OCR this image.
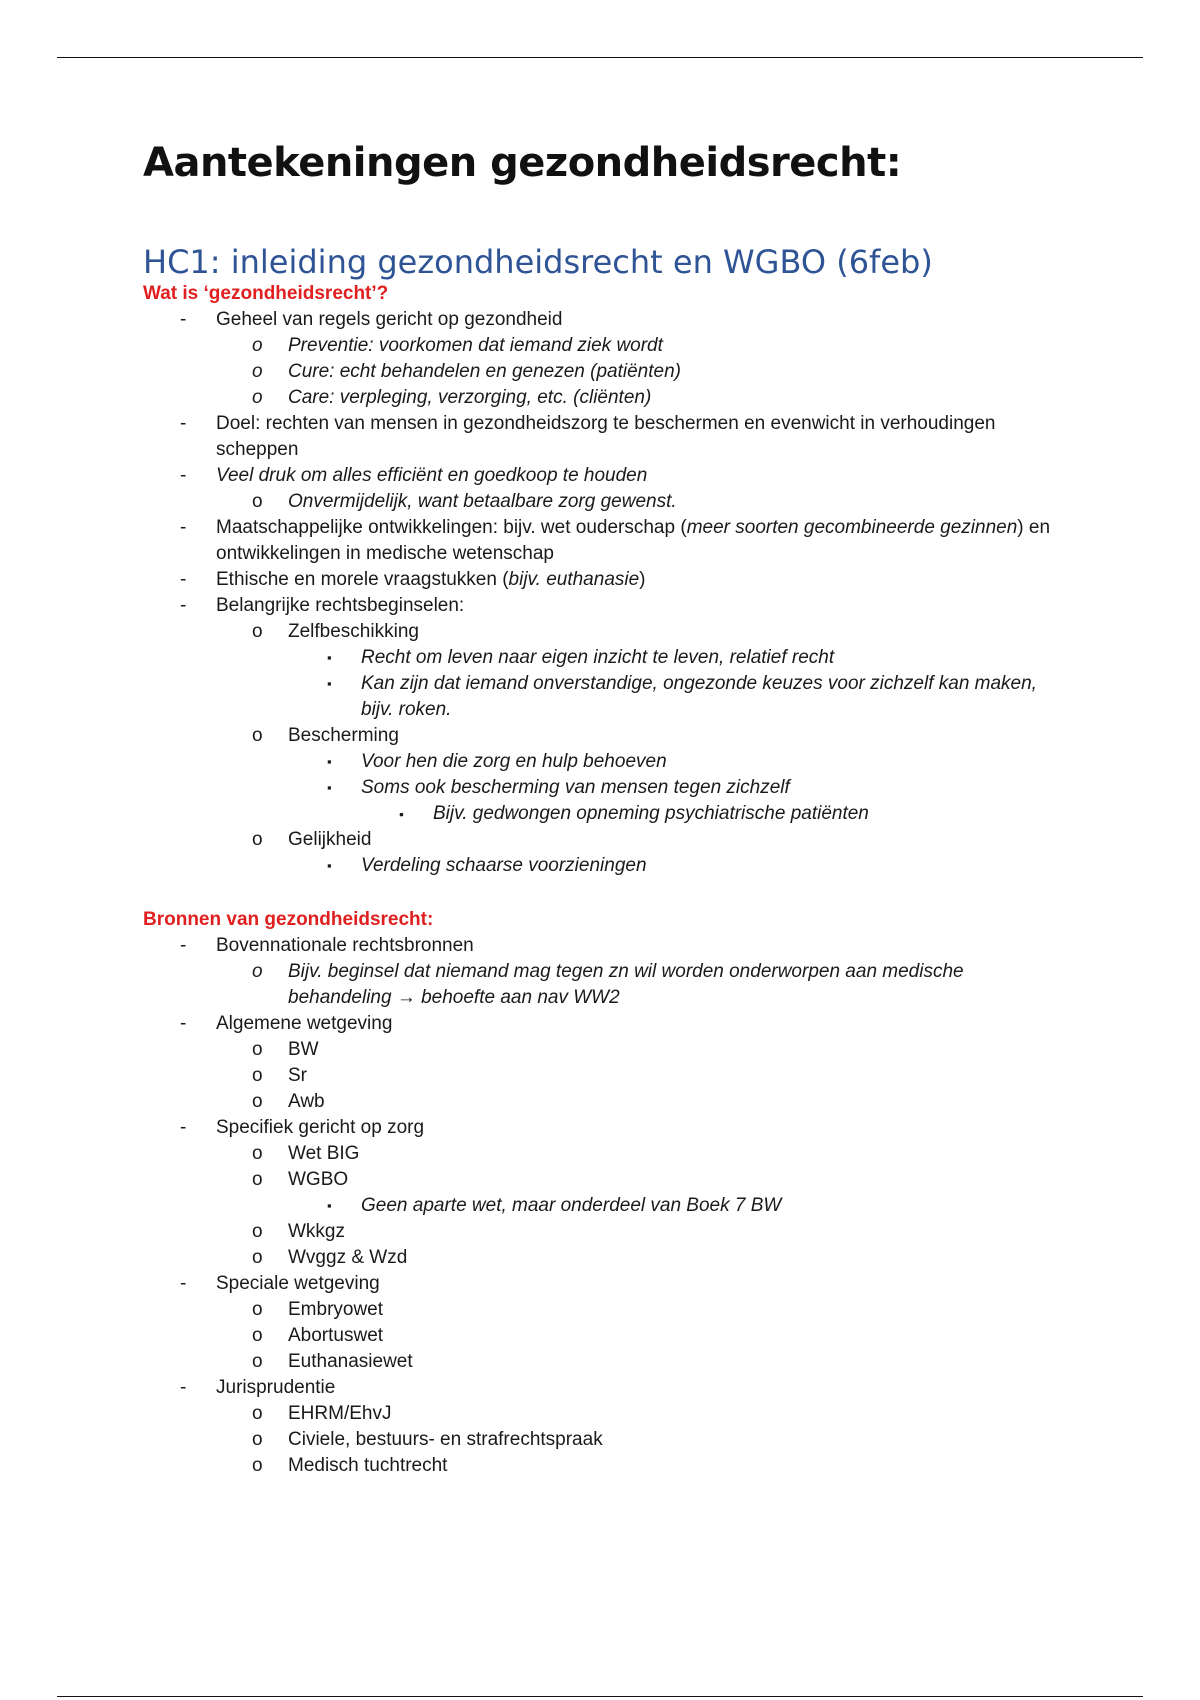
Aantekeningen gezondheidsrecht:
HC1: inleiding gezondheidsrecht en WGBO (6feb)

Wat is ‘gezondheidsrecht’?

- Geheel van regels gericht op gezondheid
o Preventie: voorkomen dat iemand ziek wordt
o Cure: echt behandelen en genezen (patiënten)
o Care: verpleging, verzorging, etc. (cliënten)
- Doel: rechten van mensen in gezondheidszorg te beschermen en evenwicht in verhoudingen scheppen
- Veel druk om alles efficiënt en goedkoop te houden
o Onvermijdelijk, want betaalbare zorg gewenst.
- Maatschappelijke ontwikkelingen: bijv. wet ouderschap (meer soorten gecombineerde gezinnen) en ontwikkelingen in medische wetenschap
- Ethische en morele vraagstukken (bijv. euthanasie)
- Belangrijke rechtsbeginselen:
o Zelfbeschikking
▪ Recht om leven naar eigen inzicht te leven, relatief recht
▪ Kan zijn dat iemand onverstandige, ongezonde keuzes voor zichzelf kan maken, bijv. roken.
o Bescherming
▪ Voor hen die zorg en hulp behoeven
▪ Soms ook bescherming van mensen tegen zichzelf
• Bijv. gedwongen opneming psychiatrische patiënten
o Gelijkheid
▪ Verdeling schaarse voorzieningen

Bronnen van gezondheidsrecht:

- Bovennationale rechtsbronnen
o Bijv. beginsel dat niemand mag tegen zn wil worden onderworpen aan medische behandeling → behoefte aan nav WW2
- Algemene wetgeving
o BW
o Sr
o Awb
- Specifiek gericht op zorg
o Wet BIG
o WGBO
▪ Geen aparte wet, maar onderdeel van Boek 7 BW
o Wkkgz
o Wvggz & Wzd
- Speciale wetgeving
o Embryowet
o Abortuswet
o Euthanasiewet
- Jurisprudentie
o EHRM/EhvJ
o Civiele, bestuurs- en strafrechtspraak
o Medisch tuchtrecht
